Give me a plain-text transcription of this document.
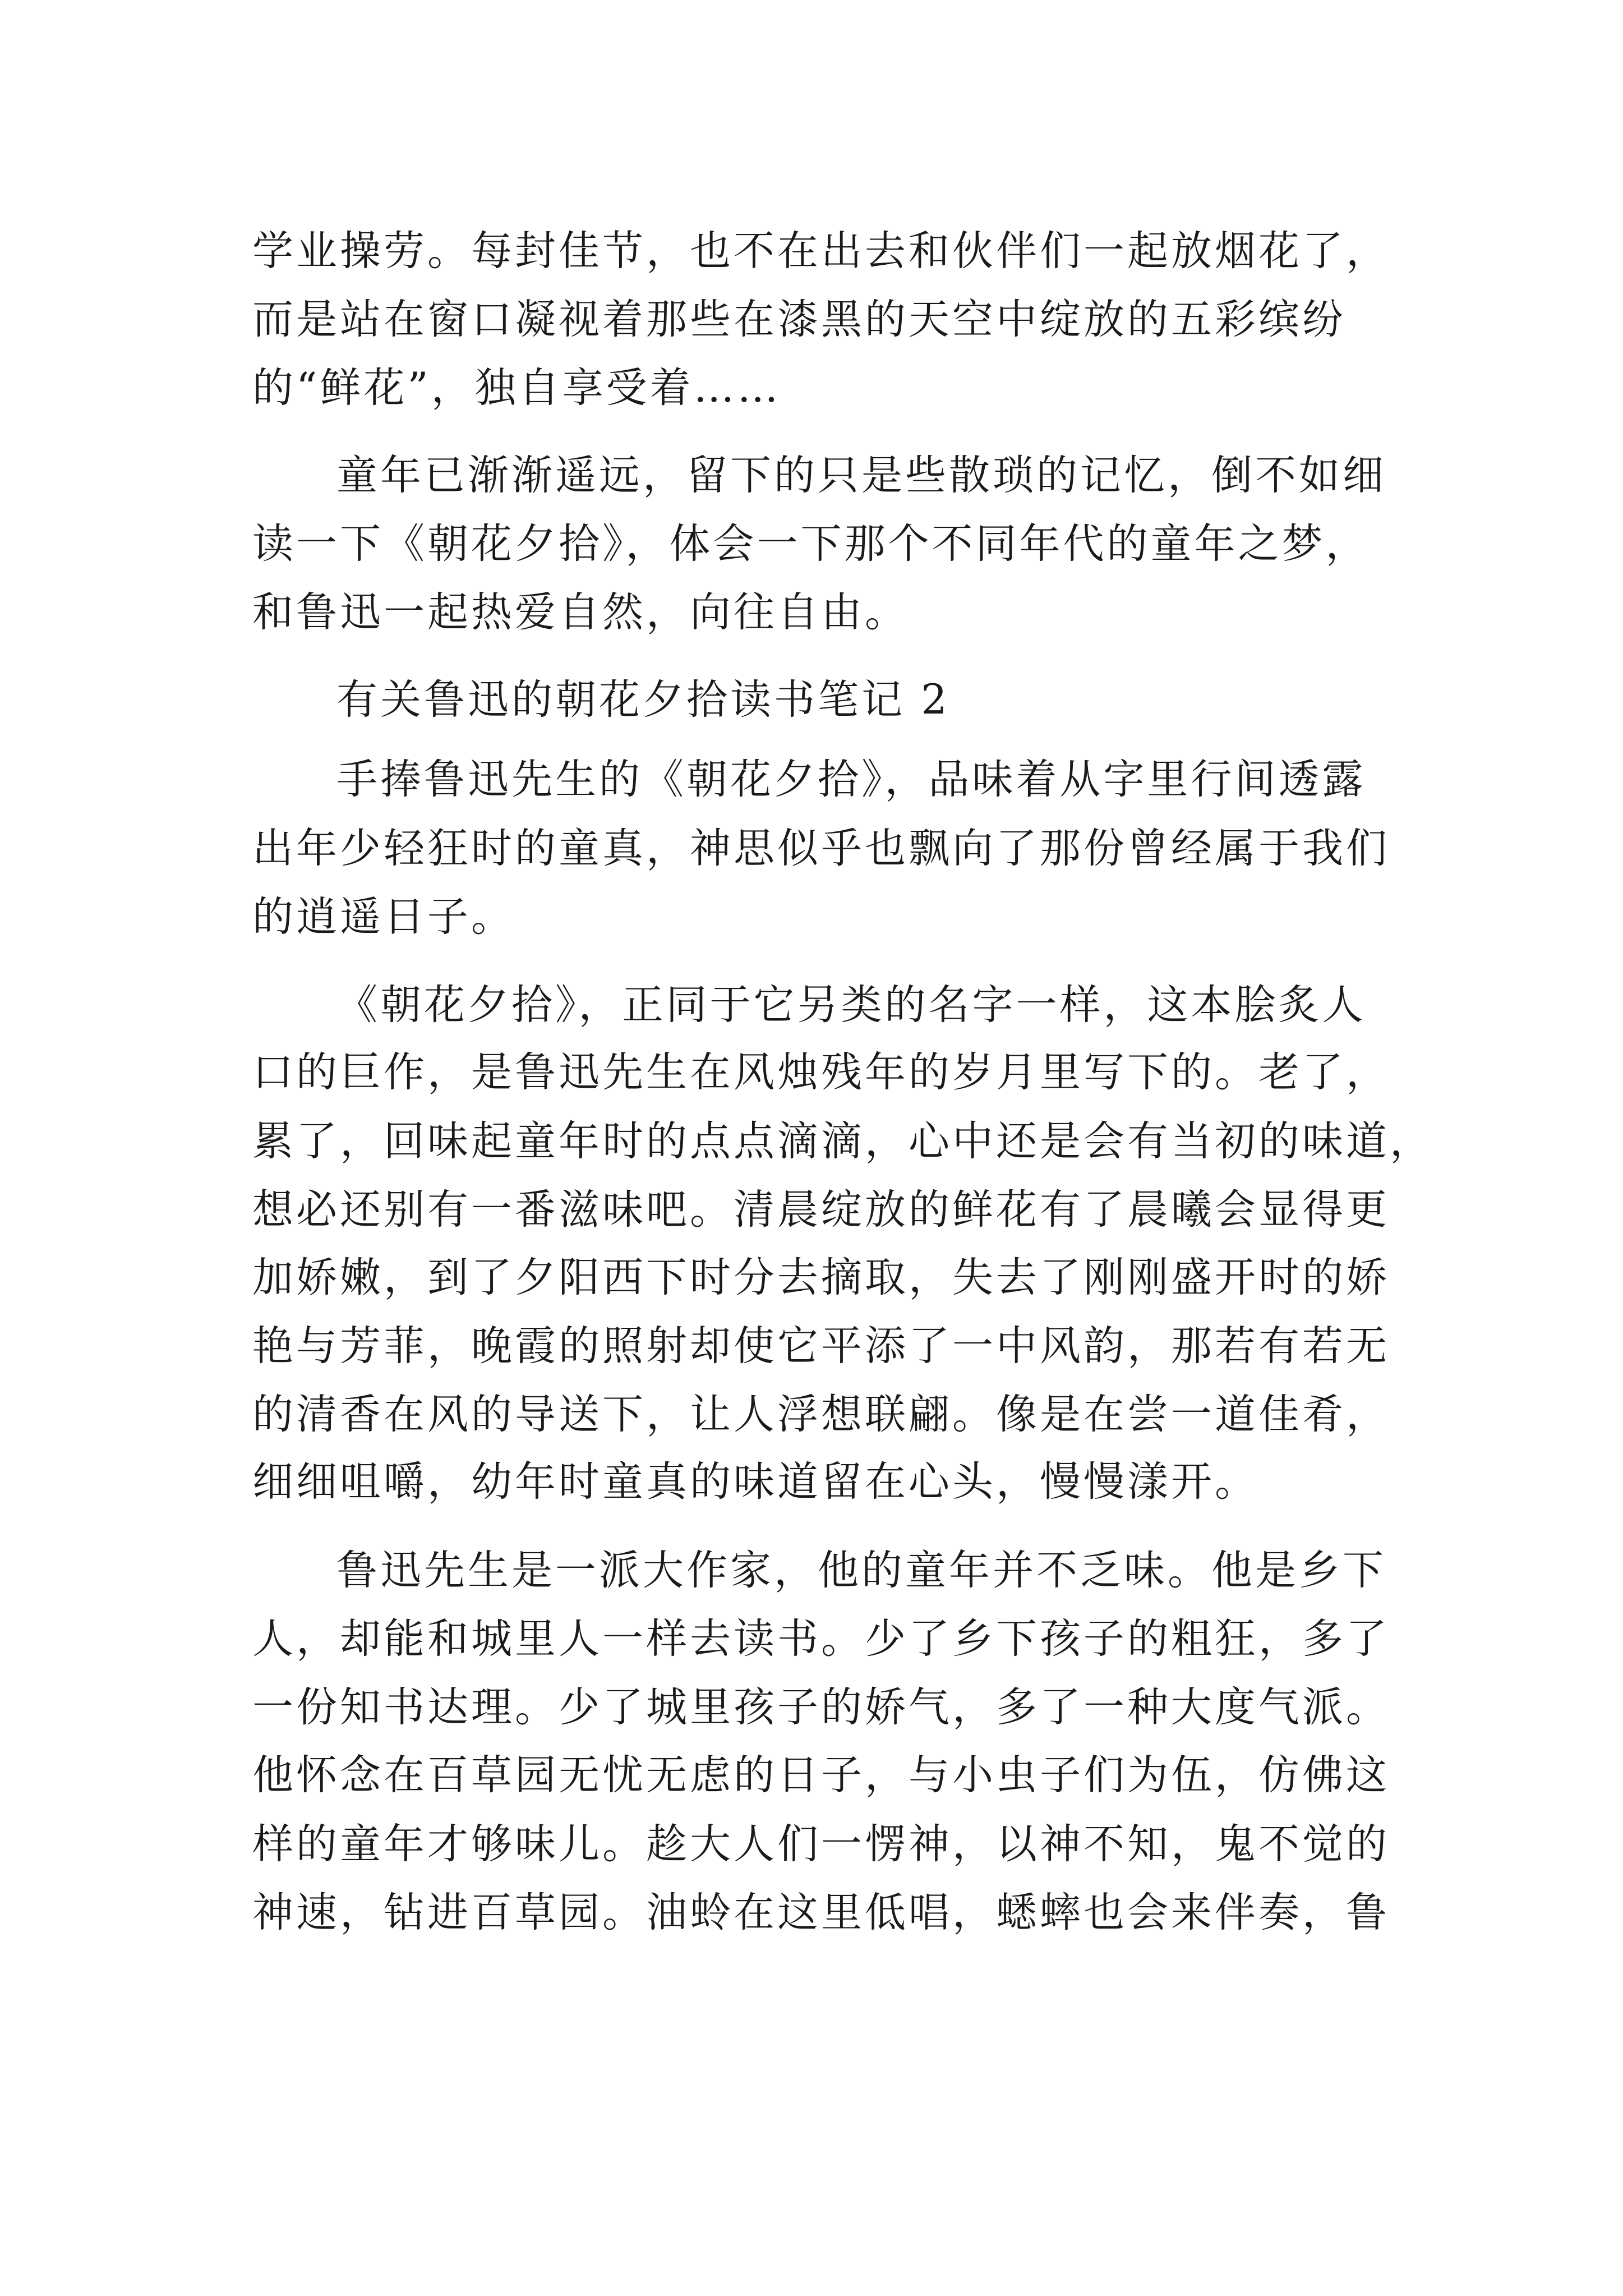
学业操劳。每封佳节，也不在出去和伙伴们一起放烟花了，
而是站在窗口凝视着那些在漆黑的天空中绽放的五彩缤纷
的“鲜花”，独自享受着……
童年已渐渐遥远，留下的只是些散琐的记忆，倒不如细
读一下《朝花夕拾》，体会一下那个不同年代的童年之梦，
和鲁迅一起热爱自然，向往自由。
有关鲁迅的朝花夕拾读书笔记 2
手捧鲁迅先生的《朝花夕拾》，品味着从字里行间透露
出年少轻狂时的童真，神思似乎也飘向了那份曾经属于我们
的逍遥日子。
《朝花夕拾》，正同于它另类的名字一样，这本脍炙人
口的巨作，是鲁迅先生在风烛残年的岁月里写下的。老了，
累了，回味起童年时的点点滴滴，心中还是会有当初的味道，
想必还别有一番滋味吧。清晨绽放的鲜花有了晨曦会显得更
加娇嫩，到了夕阳西下时分去摘取，失去了刚刚盛开时的娇
艳与芳菲，晚霞的照射却使它平添了一中风韵，那若有若无
的清香在风的导送下，让人浮想联翩。像是在尝一道佳肴，
细细咀嚼，幼年时童真的味道留在心头，慢慢漾开。
鲁迅先生是一派大作家，他的童年并不乏味。他是乡下
人，却能和城里人一样去读书。少了乡下孩子的粗狂，多了
一份知书达理。少了城里孩子的娇气，多了一种大度气派。
他怀念在百草园无忧无虑的日子，与小虫子们为伍，仿佛这
样的童年才够味儿。趁大人们一愣神，以神不知，鬼不觉的
神速，钻进百草园。油蛉在这里低唱，蟋蟀也会来伴奏，鲁
